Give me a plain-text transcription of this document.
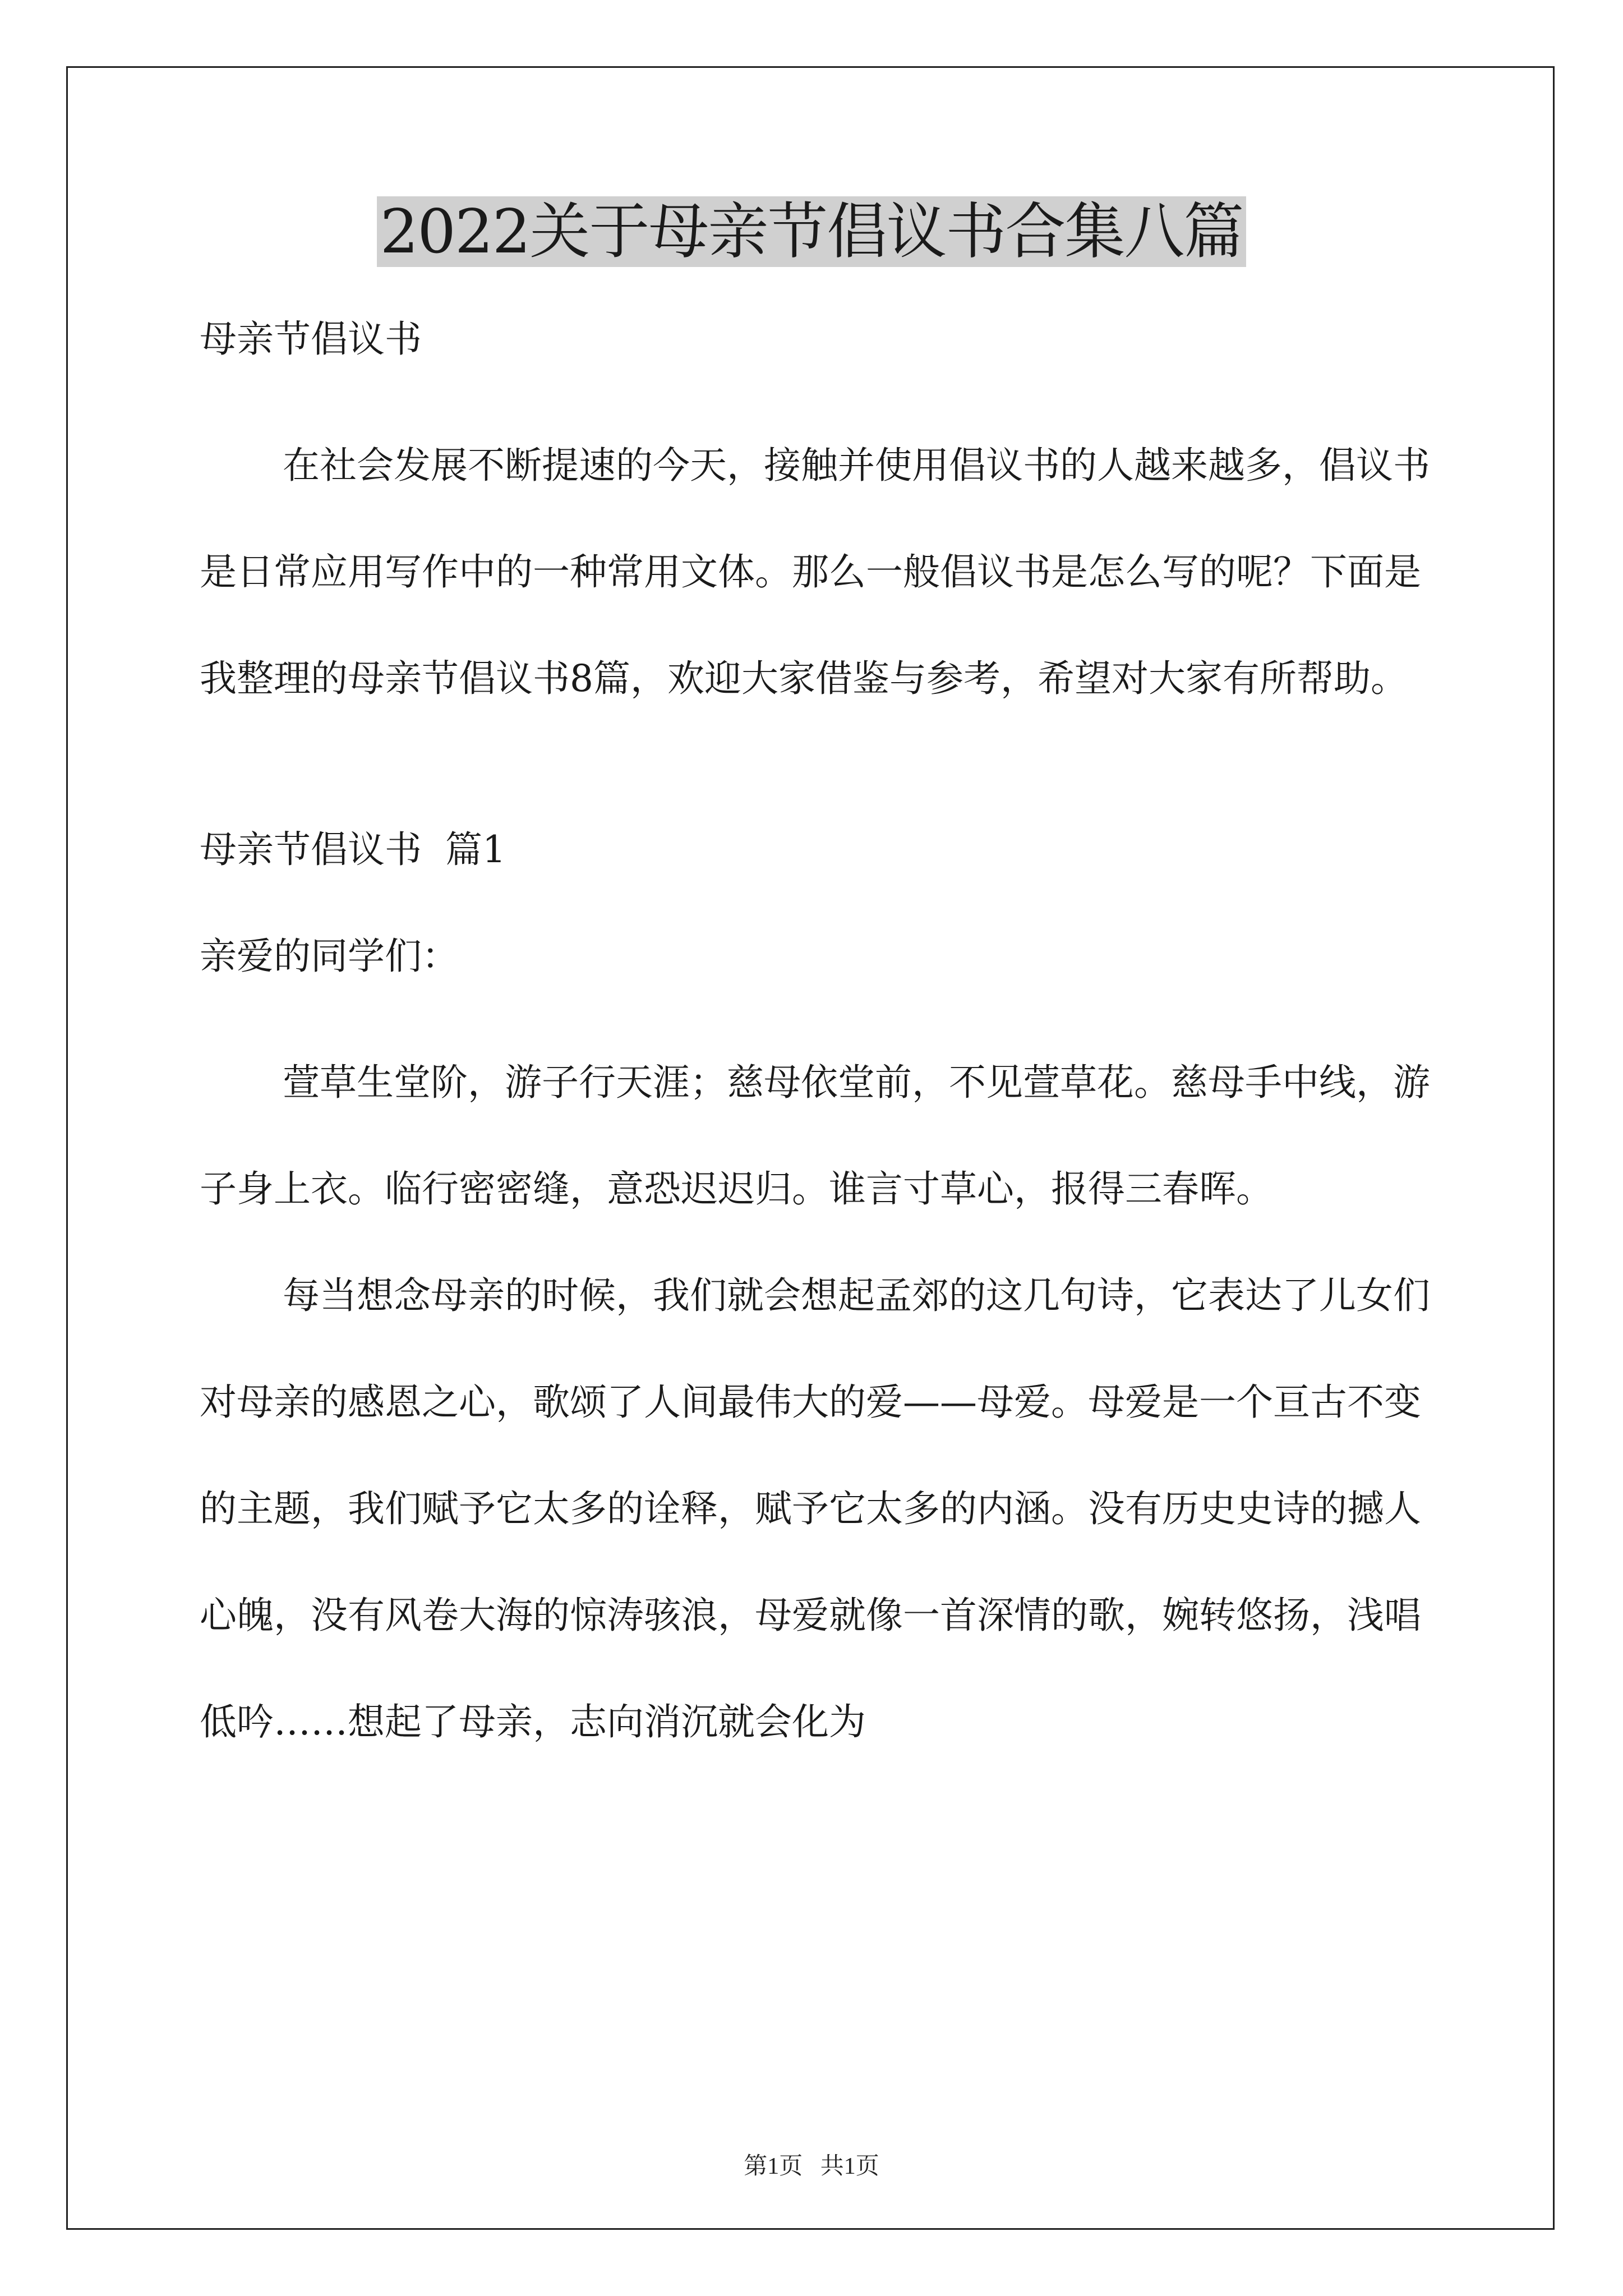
2022关于母亲节倡议书合集八篇

母亲节倡议书

在社会发展不断提速的今天，接触并使用倡议书的人越来越多，倡议书是日常应用写作中的一种常用文体。那么一般倡议书是怎么写的呢？下面是我整理的母亲节倡议书8篇，欢迎大家借鉴与参考，希望对大家有所帮助。

母亲节倡议书  篇1

亲爱的同学们：

萱草生堂阶，游子行天涯；慈母依堂前，不见萱草花。慈母手中线，游子身上衣。临行密密缝，意恐迟迟归。谁言寸草心，报得三春晖。

每当想念母亲的时候，我们就会想起孟郊的这几句诗，它表达了儿女们对母亲的感恩之心，歌颂了人间最伟大的爱——母爱。母爱是一个亘古不变的主题，我们赋予它太多的诠释，赋予它太多的内涵。没有历史史诗的撼人心魄，没有风卷大海的惊涛骇浪，母爱就像一首深情的歌，婉转悠扬，浅唱低吟……想起了母亲，志向消沉就会化为

第1页   共1页
